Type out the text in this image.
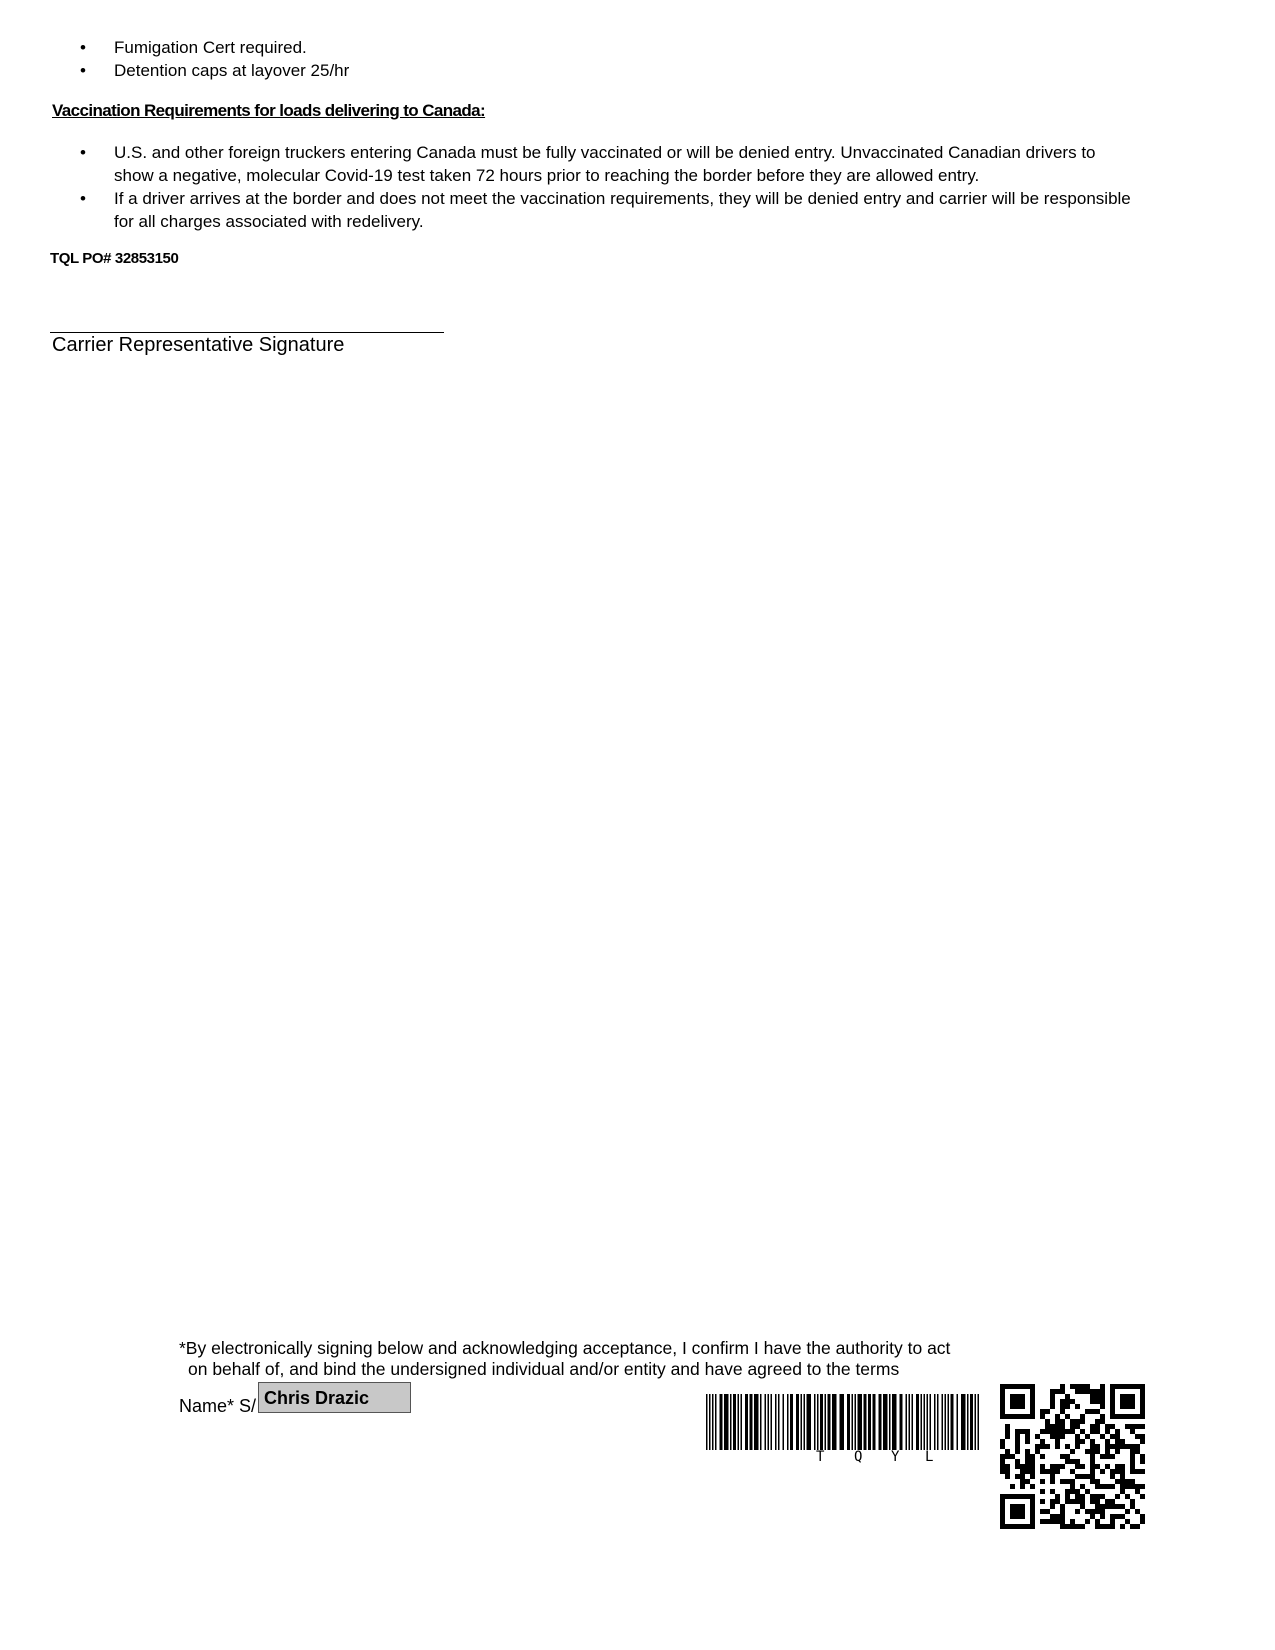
• Fumigation Cert required.
• Detention caps at layover 25/hr
Vaccination Requirements for loads delivering to Canada:
• U.S. and other foreign truckers entering Canada must be fully vaccinated or will be denied entry. Unvaccinated Canadian drivers to show a negative, molecular Covid-19 test taken 72 hours prior to reaching the border before they are allowed entry.
• If a driver arrives at the border and does not meet the vaccination requirements, they will be denied entry and carrier will be responsible for all charges associated with redelivery.
TQL PO# 32853150
Carrier Representative Signature
*By electronically signing below and acknowledging acceptance, I confirm I have the authority to act
on behalf of, and bind the undersigned individual and/or entity and have agreed to the terms
Name* S/ Chris Drazic
T Q Y L
